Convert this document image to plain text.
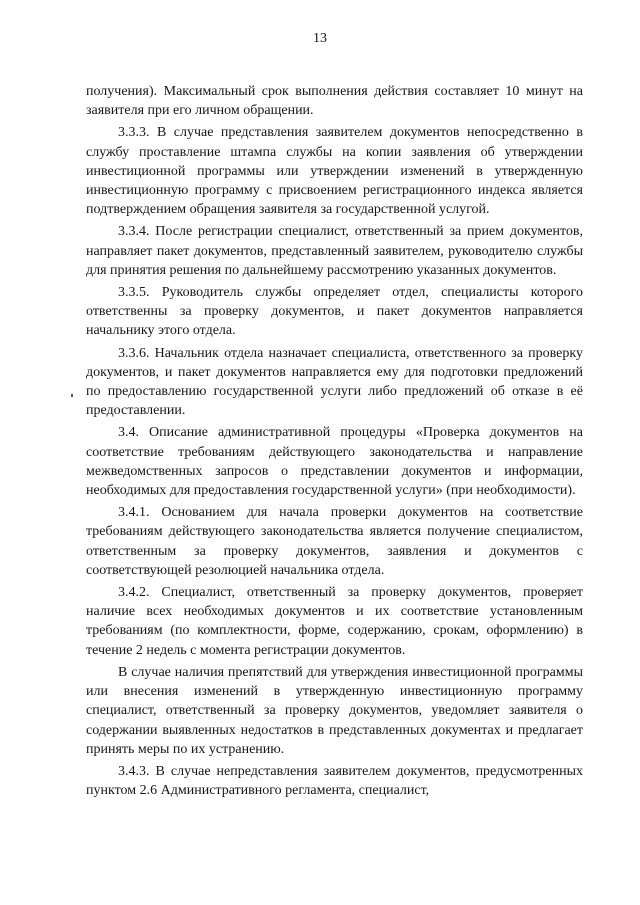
13

получения). Максимальный срок выполнения действия составляет 10 минут на заявителя при его личном обращении.

3.3.3. В случае представления заявителем документов непосредственно в службу проставление штампа службы на копии заявления об утверждении инвестиционной программы или утверждении изменений в утвержденную инвестиционную программу с присвоением регистрационного индекса является подтверждением обращения заявителя за государственной услугой.

3.3.4. После регистрации специалист, ответственный за прием документов, направляет пакет документов, представленный заявителем, руководителю службы для принятия решения по дальнейшему рассмотрению указанных документов.

3.3.5. Руководитель службы определяет отдел, специалисты которого ответственны за проверку документов, и пакет документов направляется начальнику этого отдела.

3.3.6. Начальник отдела назначает специалиста, ответственного за проверку документов, и пакет документов направляется ему для подготовки предложений по предоставлению государственной услуги либо предложений об отказе в её предоставлении.

3.4. Описание административной процедуры «Проверка документов на соответствие требованиям действующего законодательства и направление межведомственных запросов о представлении документов и информации, необходимых для предоставления государственной услуги» (при необходимости).

3.4.1. Основанием для начала проверки документов на соответствие требованиям действующего законодательства является получение специалистом, ответственным за проверку документов, заявления и документов с соответствующей резолюцией начальника отдела.

3.4.2. Специалист, ответственный за проверку документов, проверяет наличие всех необходимых документов и их соответствие установленным требованиям (по комплектности, форме, содержанию, срокам, оформлению) в течение 2 недель с момента регистрации документов.

В случае наличия препятствий для утверждения инвестиционной программы или внесения изменений в утвержденную инвестиционную программу специалист, ответственный за проверку документов, уведомляет заявителя о содержании выявленных недостатков в представленных документах и предлагает принять меры по их устранению.

3.4.3. В случае непредставления заявителем документов, предусмотренных пунктом 2.6 Административного регламента, специалист,
